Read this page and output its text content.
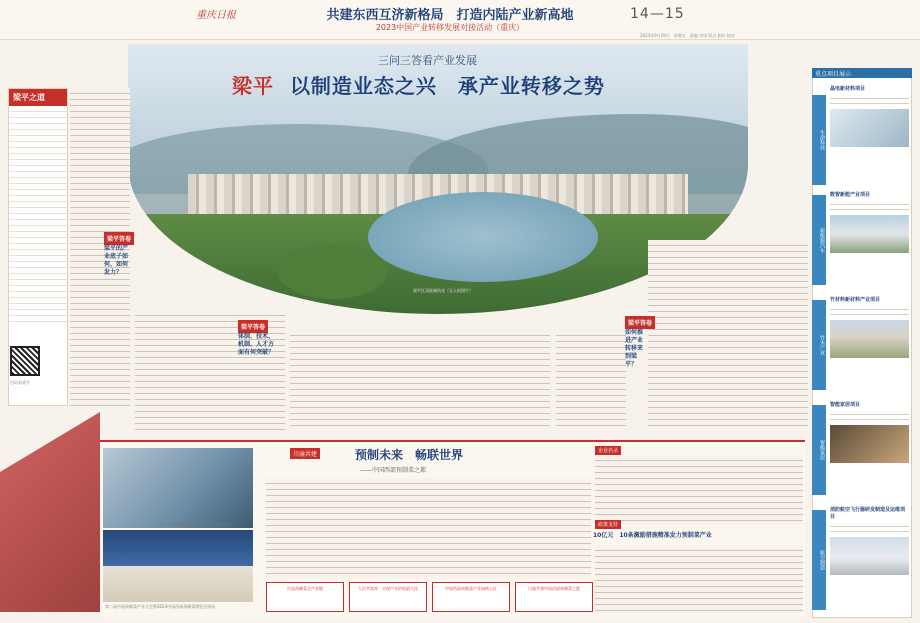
重庆日报	共建东西互济新格局　打造内陆产业新高地
2023中国产业转移发展对接活动（重庆）
14—15
2023年9月29日　星期五　责编 审读 版式 制作 校对
三问三答看产业发展
梁平 以制造业态之兴　承产业转移之势
梁平区双桂湖风光（无人机照片）
梁平之道
扫码看梁平
梁平答卷
梁平的产业底子如何，如何发力？
梁平答卷
体制、技术、机制、人才方面有何突破？
梁平答卷
如何推进产业转移来到梁平？
第一届西部预制菜产业大会　本报记者摄
第二届中国预制菜产业大会暨2023中国西部预制菜博览会现场
川渝共建	预制未来　畅联世界
——中国西部预制菜之都
企业名录
政策支持
10亿元　10条激励措施精准发力预制菜产业
打造预制菜全产业链	人民共富裕　实现产业价值最大化	中国西部预制菜产业园核心区	川渝共建中国西部预制菜之都
重点项目展示
生命科技
晶电新材料项目
新能源汽车
数智新能产业项目
竹木产业
竹材料新材料产业项目
智能家居
智能家居项目
航空制造
消防航空飞行器研发制造及运维项目
